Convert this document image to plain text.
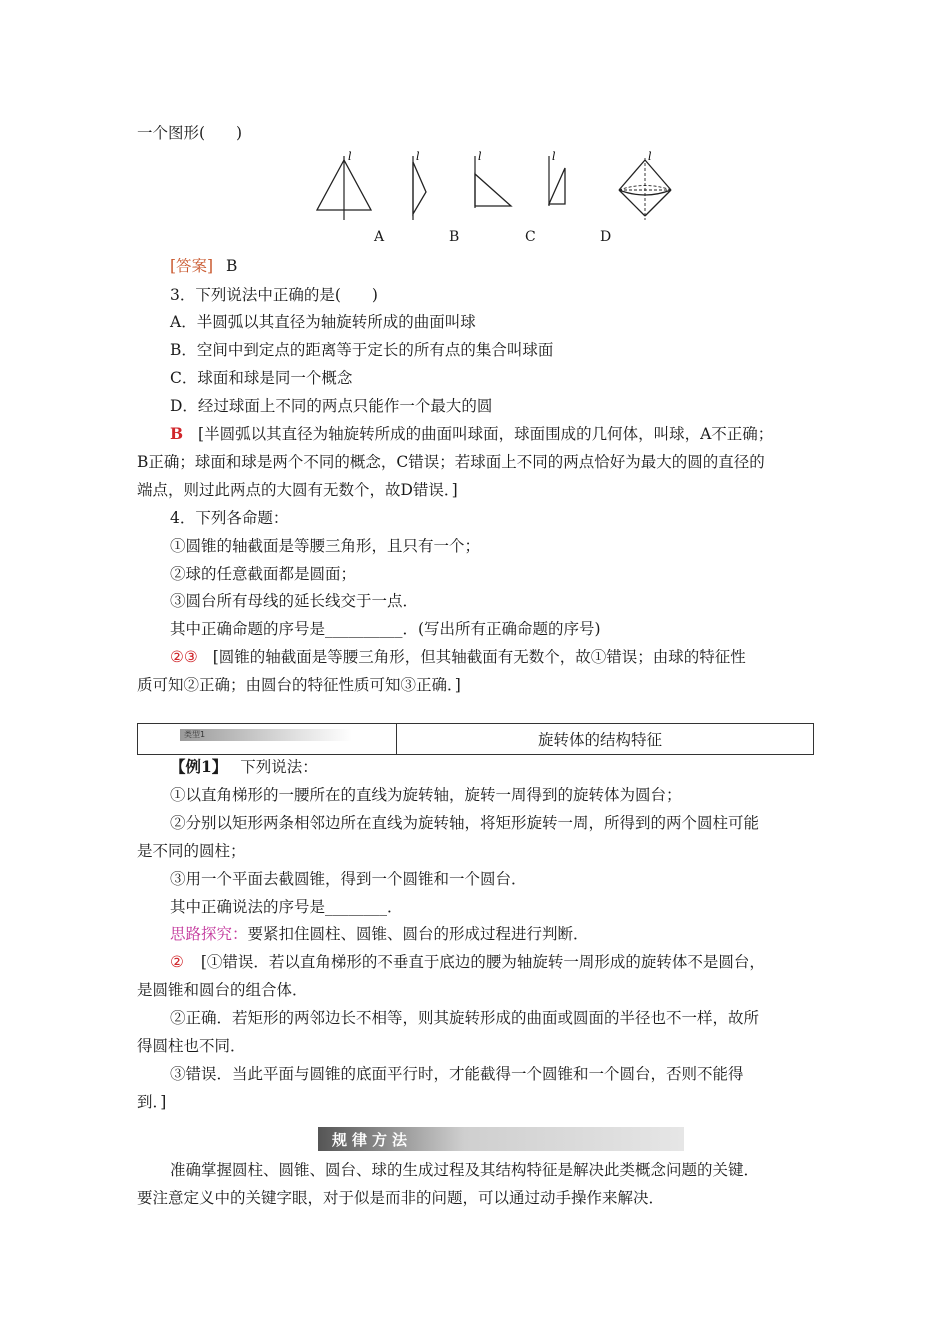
一个图形(　　)
l	l	l	l	l
A	B	C	D
[答案] B
3．下列说法中正确的是(　　)
A．半圆弧以其直径为轴旋转所成的曲面叫球
B．空间中到定点的距离等于定长的所有点的集合叫球面
C．球面和球是同一个概念
D．经过球面上不同的两点只能作一个最大的圆
B [半圆弧以其直径为轴旋转所成的曲面叫球面，球面围成的几何体，叫球，A不正确；
B正确；球面和球是两个不同的概念，C错误；若球面上不同的两点恰好为最大的圆的直径的
端点，则过此两点的大圆有无数个，故D错误．]
4．下列各命题：
①圆锥的轴截面是等腰三角形，且只有一个；
②球的任意截面都是圆面；
③圆台所有母线的延长线交于一点．
其中正确命题的序号是__________．(写出所有正确命题的序号)
②③ [圆锥的轴截面是等腰三角形，但其轴截面有无数个，故①错误；由球的特征性
质可知②正确；由圆台的特征性质可知③正确．]
类型1	旋转体的结构特征
【例1】 下列说法：
①以直角梯形的一腰所在的直线为旋转轴，旋转一周得到的旋转体为圆台；
②分别以矩形两条相邻边所在直线为旋转轴，将矩形旋转一周，所得到的两个圆柱可能
是不同的圆柱；
③用一个平面去截圆锥，得到一个圆锥和一个圆台．
其中正确说法的序号是________．
思路探究：要紧扣住圆柱、圆锥、圆台的形成过程进行判断．
② [①错误．若以直角梯形的不垂直于底边的腰为轴旋转一周形成的旋转体不是圆台，
是圆锥和圆台的组合体．
②正确．若矩形的两邻边长不相等，则其旋转形成的曲面或圆面的半径也不一样，故所
得圆柱也不同．
③错误．当此平面与圆锥的底面平行时，才能截得一个圆锥和一个圆台，否则不能得
到．]
规律方法
准确掌握圆柱、圆锥、圆台、球的生成过程及其结构特征是解决此类概念问题的关键．
要注意定义中的关键字眼，对于似是而非的问题，可以通过动手操作来解决．
